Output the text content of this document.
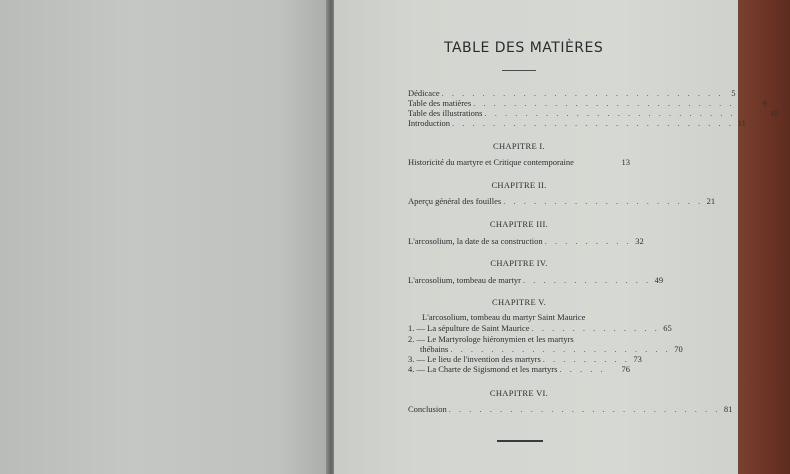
TABLE DES MATIÈRES
Dédicace . . . . . . . . . . . . . . . . . . . . . . . . . . . . 5
Table des matières . . . . . . . . . . . . . . . . . . . . . . . . . . . . 9
Table des illustrations . . . . . . . . . . . . . . . . . . . . . . . . . . . . 10
Introduction . . . . . . . . . . . . . . . . . . . . . . . . . . . . 11
CHAPITRE I.
Historicité du martyre et Critique contemporaine	13
CHAPITRE II.
Aperçu général des fouilles . . . . . . . . . . . . . . . . . . . . 21
CHAPITRE III.
L'arcosolium, la date de sa construction . . . . . . . . . 32
CHAPITRE IV.
L'arcosolium, tombeau de martyr . . . . . . . . . . . . . 49
CHAPITRE V.
L'arcosolium, tombeau du martyr Saint Maurice
1. — La sépulture de Saint Maurice . . . . . . . . . . . . . 65
2. — Le Martyrologe hiéronymien et les martyrs
thébains . . . . . . . . . . . . . . . . . . . . . . 70
3. — Le lieu de l'invention des martyrs . . . . . . . . . 73
4. — La Charte de Sigismond et les martyrs . . . . .	76
CHAPITRE VI.
Conclusion . . . . . . . . . . . . . . . . . . . . . . . . . . . 81
